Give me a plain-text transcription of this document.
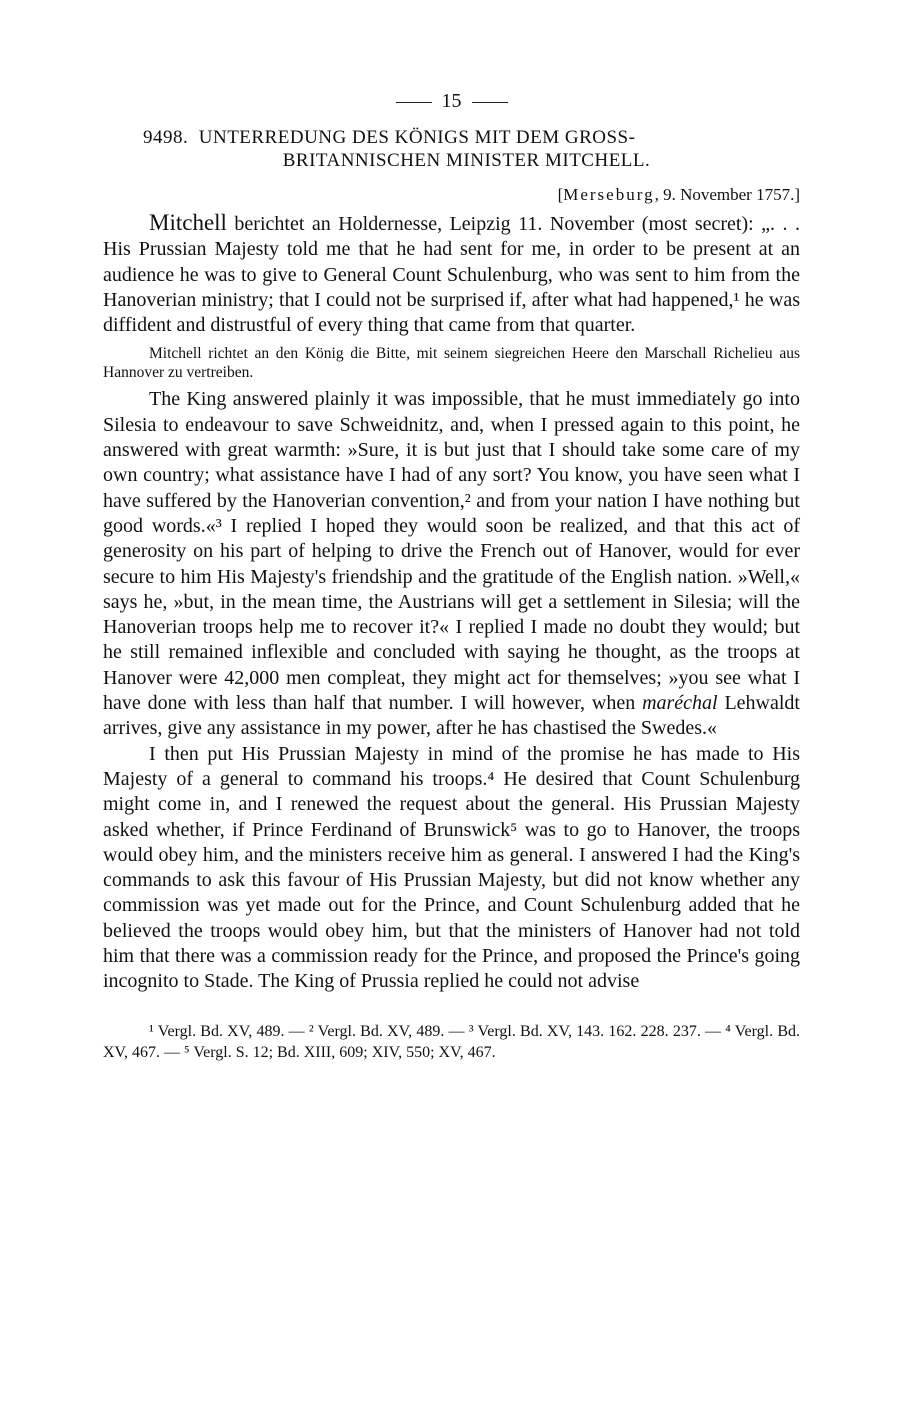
15
9498. UNTERREDUNG DES KÖNIGS MIT DEM GROSS-
BRITANNISCHEN MINISTER MITCHELL.
[Merseburg, 9. November 1757.]

Mitchell berichtet an Holdernesse, Leipzig 11. November (most secret): „. . . His Prussian Majesty told me that he had sent for me, in order to be present at an audience he was to give to General Count Schulenburg, who was sent to him from the Hanoverian ministry; that I could not be surprised if, after what had happened,¹ he was diffident and distrustful of every thing that came from that quarter.

Mitchell richtet an den König die Bitte, mit seinem siegreichen Heere den Marschall Richelieu aus Hannover zu vertreiben.

The King answered plainly it was impossible, that he must immediately go into Silesia to endeavour to save Schweidnitz, and, when I pressed again to this point, he answered with great warmth: »Sure, it is but just that I should take some care of my own country; what assistance have I had of any sort? You know, you have seen what I have suffered by the Hanoverian convention,² and from your nation I have nothing but good words.«³ I replied I hoped they would soon be realized, and that this act of generosity on his part of helping to drive the French out of Hanover, would for ever secure to him His Majesty's friendship and the gratitude of the English nation. »Well,« says he, »but, in the mean time, the Austrians will get a settlement in Silesia; will the Hanoverian troops help me to recover it?« I replied I made no doubt they would; but he still remained inflexible and concluded with saying he thought, as the troops at Hanover were 42,000 men compleat, they might act for themselves; »you see what I have done with less than half that number. I will however, when maréchal Lehwaldt arrives, give any assistance in my power, after he has chastised the Swedes.«

I then put His Prussian Majesty in mind of the promise he has made to His Majesty of a general to command his troops.⁴ He desired that Count Schulenburg might come in, and I renewed the request about the general. His Prussian Majesty asked whether, if Prince Ferdinand of Brunswick⁵ was to go to Hanover, the troops would obey him, and the ministers receive him as general. I answered I had the King's commands to ask this favour of His Prussian Majesty, but did not know whether any commission was yet made out for the Prince, and Count Schulenburg added that he believed the troops would obey him, but that the ministers of Hanover had not told him that there was a commission ready for the Prince, and proposed the Prince's going incognito to Stade. The King of Prussia replied he could not advise

¹ Vergl. Bd. XV, 489. — ² Vergl. Bd. XV, 489. — ³ Vergl. Bd. XV, 143. 162. 228. 237. — ⁴ Vergl. Bd. XV, 467. — ⁵ Vergl. S. 12; Bd. XIII, 609; XIV, 550; XV, 467.
